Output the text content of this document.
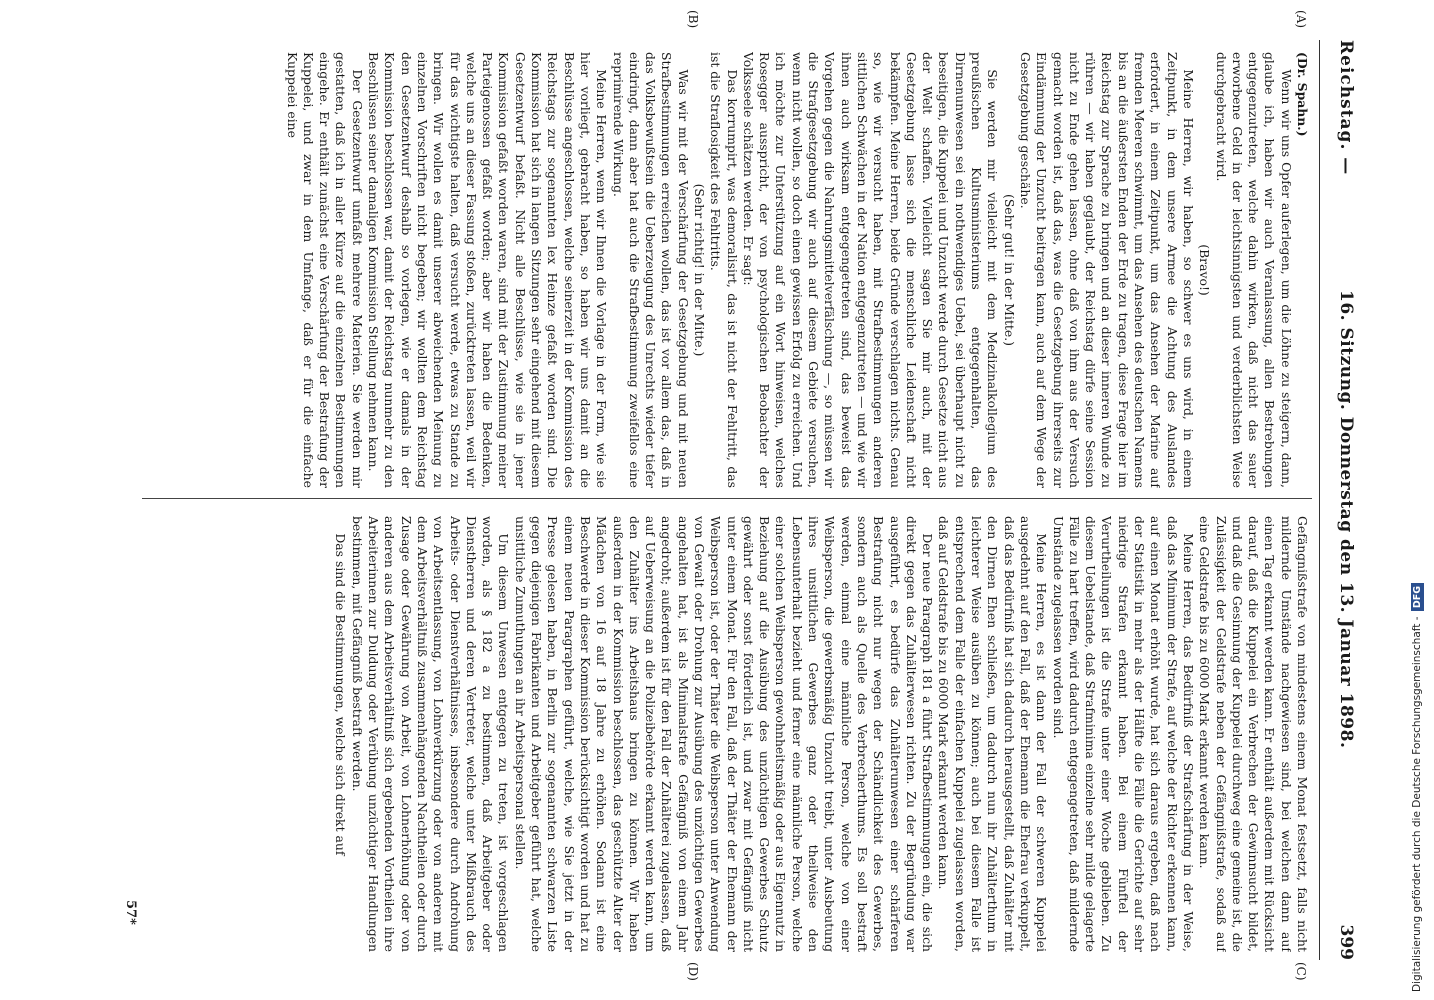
Reichstag. —
16. Sitzung. Donnerstag den 13. Januar 1898.
399
(A)
(B)
(C)
(D)

(Dr. Spahn.)

Wenn wir uns Opfer auferlegen, um die Löhne zu steigern, dann, glaube ich, haben wir auch Veranlassung, allen Bestrebungen entgegenzutreten, welche dahin wirken, daß nicht das sauer erworbene Geld in der leichtsinnigsten und verderblichsten Weise durchgebracht wird.

(Bravo!)

Meine Herren, wir haben, so schwer es uns wird, in einem Zeitpunkt, in dem unsere Armee die Achtung des Auslandes erfordert, in einem Zeitpunkt, um das Ansehen der Marine auf fremden Meeren schwimmt, um das Ansehen des deutschen Namens bis an die äußersten Enden der Erde zu tragen, diese Frage hier im Reichstag zur Sprache zu bringen und an dieser inneren Wunde zu rühren — wir haben geglaubt, der Reichstag dürfe seine Session nicht zu Ende gehen lassen, ohne daß von ihm aus der Versuch gemacht worden ist, daß das, was die Gesetzgebung ihrerseits zur Eindämmung der Unzucht beitragen kann, auch auf dem Wege der Gesetzgebung geschähe.

(Sehr gut! in der Mitte.)

Sie werden mir vielleicht mit dem Medizinalkollegium des preußischen Kultusministeriums entgegenhalten, das Dirnenunwesen sei ein nothwendiges Uebel, sei überhaupt nicht zu beseitigen, die Kuppelei und Unzucht werde durch Gesetze nicht aus der Welt schaffen. Vielleicht sagen Sie mir auch, mit der Gesetzgebung lasse sich die menschliche Leidenschaft nicht bekämpfen. Meine Herren, beide Gründe verschlagen nichts. Genau so, wie wir versucht haben, mit Strafbestimmungen anderen sittlichen Schwächen in der Nation entgegenzutreten — und wie wir ihnen auch wirksam entgegengetreten sind, das beweist das Vorgehen gegen die Nahrungsmittelverfälschung —, so müssen wir die Strafgesetzgebung wir auch auf diesem Gebiete versuchen, wenn nicht wollen, so doch einen gewissen Erfolg zu erreichen. Und ich möchte zur Unterstützung auf ein Wort hinweisen, welches Rosegger ausspricht, der von psychologischen Beobachter der Volksseele schätzen werden. Er sagt:

Das korrumpirt, was demoralisirt, das ist nicht der Fehltritt, das ist die Straflosigkeit des Fehltritts.

(Sehr richtig! in der Mitte.)

Was wir mit der Verschärfung der Gesetzgebung und mit neuen Strafbestimmungen erreichen wollen, das ist vor allem das, daß in das Volksbewußtsein die Ueberzeugung des Unrechts wieder tiefer eindringt, dann aber hat auch die Strafbestimmung zweifellos eine reprimirende Wirkung.

Meine Herren, wenn wir Ihnen die Vorlage in der Form, wie sie hier vorliegt, gebracht haben, so haben wir uns damit an die Beschlüsse angeschlossen, welche seinerzeit in der Kommission des Reichstags zur sogenannten lex Heinze gefaßt worden sind. Die Kommission hat sich in langen Sitzungen sehr eingehend mit diesem Gesetzentwurf befaßt. Nicht alle Beschlüsse, wie sie in jener Kommission gefaßt worden waren, sind mit der Zustimmung meiner Parteigenossen gefaßt worden; aber wir haben die Bedenken, welche uns an dieser Fassung stoßen, zurücktreten lassen, weil wir für das wichtigste halten, daß versucht werde, etwas zu Stande zu bringen. Wir wollen es damit unserer abweichenden Meinung zu einzelnen Vorschriften nicht begeben; wir wollten dem Reichstag den Gesetzentwurf deshalb so vorlegen, wie er damals in der Kommission beschlossen war, damit der Reichstag nunmehr zu den Beschlüssen seiner damaligen Kommission Stellung nehmen kann.

Der Gesetzentwurf umfaßt mehrere Materien. Sie werden mir gestatten, daß ich in aller Kürze auf die einzelnen Bestimmungen eingehe. Er enthält zunächst eine Verschärfung der Bestrafung der Kuppelei, und zwar in dem Umfange, daß er für die einfache Kuppelei eine

Gefängnißstrafe von mindestens einem Monat festsetzt, falls nicht mildernde Umstände nachgewiesen sind, bei welchen dann auf einen Tag erkannt werden kann. Er enthält außerdem mit Rücksicht darauf, daß die Kuppelei ein Verbrechen der Gewinnsucht bildet, und daß die Gesinnung der Kuppelei durchweg eine gemeine ist, die Zulässigkeit der Geldstrafe neben der Gefängnißstrafe, sodaß auf eine Geldstrafe bis zu 6000 Mark erkannt werden kann.

Meine Herren, das Bedürfniß der Strafschärfung in der Weise, daß das Minimum der Strafe, auf welche der Richter erkennen kann, auf einen Monat erhöht wurde, hat sich daraus ergeben, daß nach der Statistik in mehr als der Hälfte die Fälle die Gerichte auf sehr niedrige Strafen erkannt haben. Bei einem Fünftel der Verurtheilungen ist die Strafe unter einer Woche geblieben. Zu diesem Uebelstande, daß Strafminima einzelne sehr milde gelagerte Fälle zu hart treffen, wird dadurch entgegengetreten, daß mildernde Umstände zugelassen worden sind.

Meine Herren, es ist dann der Fall der schweren Kuppelei ausgedehnt auf den Fall, daß der Ehemann die Ehefrau verkuppelt, daß das Bedürfniß hat sich dadurch herausgestellt, daß Zuhälter mit den Dirnen Ehen schließen, um dadurch nun ihr Zuhälterthum in leichterer Weise ausüben zu können; auch bei diesem Falle ist entsprechend dem Falle der einfachen Kuppelei zugelassen worden, daß auf Geldstrafe bis zu 6000 Mark erkannt werden kann.

Der neue Paragraph 181 a führt Strafbestimmungen ein, die sich direkt gegen das Zuhälterwesen richten. Zu der Begründung war ausgeführt, es bedürfe das Zuhälterunwesen einer schärferen Bestrafung nicht nur wegen der Schändlichkeit des Gewerbes, sondern auch als Quelle des Verbrecherthums. Es soll bestraft werden, einmal eine männliche Person, welche von einer Weibsperson, die gewerbsmäßig Unzucht treibt, unter Ausbeutung ihres unsittlichen Gewerbes ganz oder theilweise den Lebensunterhalt bezieht und ferner eine männliche Person, welche einer solchen Weibsperson gewohnheitsmäßig oder aus Eigennutz in Beziehung auf die Ausübung des unzüchtigen Gewerbes Schutz gewährt oder sonst förderlich ist, und zwar mit Gefängniß nicht unter einem Monat. Für den Fall, daß der Thäter der Ehemann der Weibsperson ist, oder der Thäter die Weibsperson unter Anwendung von Gewalt oder Drohung zur Ausübung des unzüchtigen Gewerbes angehalten hat, ist als Minimalstrafe Gefängniß von einem Jahr angedroht; außerdem ist für den Fall der Zuhälterei zugelassen, daß auf Ueberweisung an die Polizeibehörde erkannt werden kann, um den Zuhälter ins Arbeitshaus bringen zu können. Wir haben außerdem in der Kommission beschlossen, das geschützte Alter der Mädchen von 16 auf 18 Jahre zu erhöhen. Sodann ist eine Beschwerde in dieser Kommission berücksichtigt worden und hat zu einem neuen Paragraphen geführt, welche, wie Sie jetzt in der Presse gelesen haben, in Berlin zur sogenannten schwarzen Liste gegen diejenigen Fabrikanten und Arbeitgeber geführt hat, welche unsittliche Zumuthungen an ihr Arbeitspersonal stellen.

Um diesem Unwesen entgegen zu treten, ist vorgeschlagen worden, als § 182 a zu bestimmen, daß Arbeitgeber oder Dienstherren und deren Vertreter, welche unter Mißbrauch des Arbeits- oder Dienstverhältnisses, insbesondere durch Androhung von Arbeitsentlassung, von Lohnverkürzung oder von anderen mit dem Arbeitsverhältniß zusammenhängenden Nachtheilen oder durch Zusage oder Gewährung von Arbeit, von Lohnerhöhung oder von anderen aus dem Arbeitsverhältniß sich ergebenden Vortheilen ihre Arbeiterinnen zur Duldung oder Verübung unzüchtiger Handlungen bestimmen, mit Gefängniß bestraft werden.

Das sind die Bestimmungen, welche sich direkt auf

57*	Digitalisierung gefördert durch die Deutsche Forschungsgemeinschaft - DFG
